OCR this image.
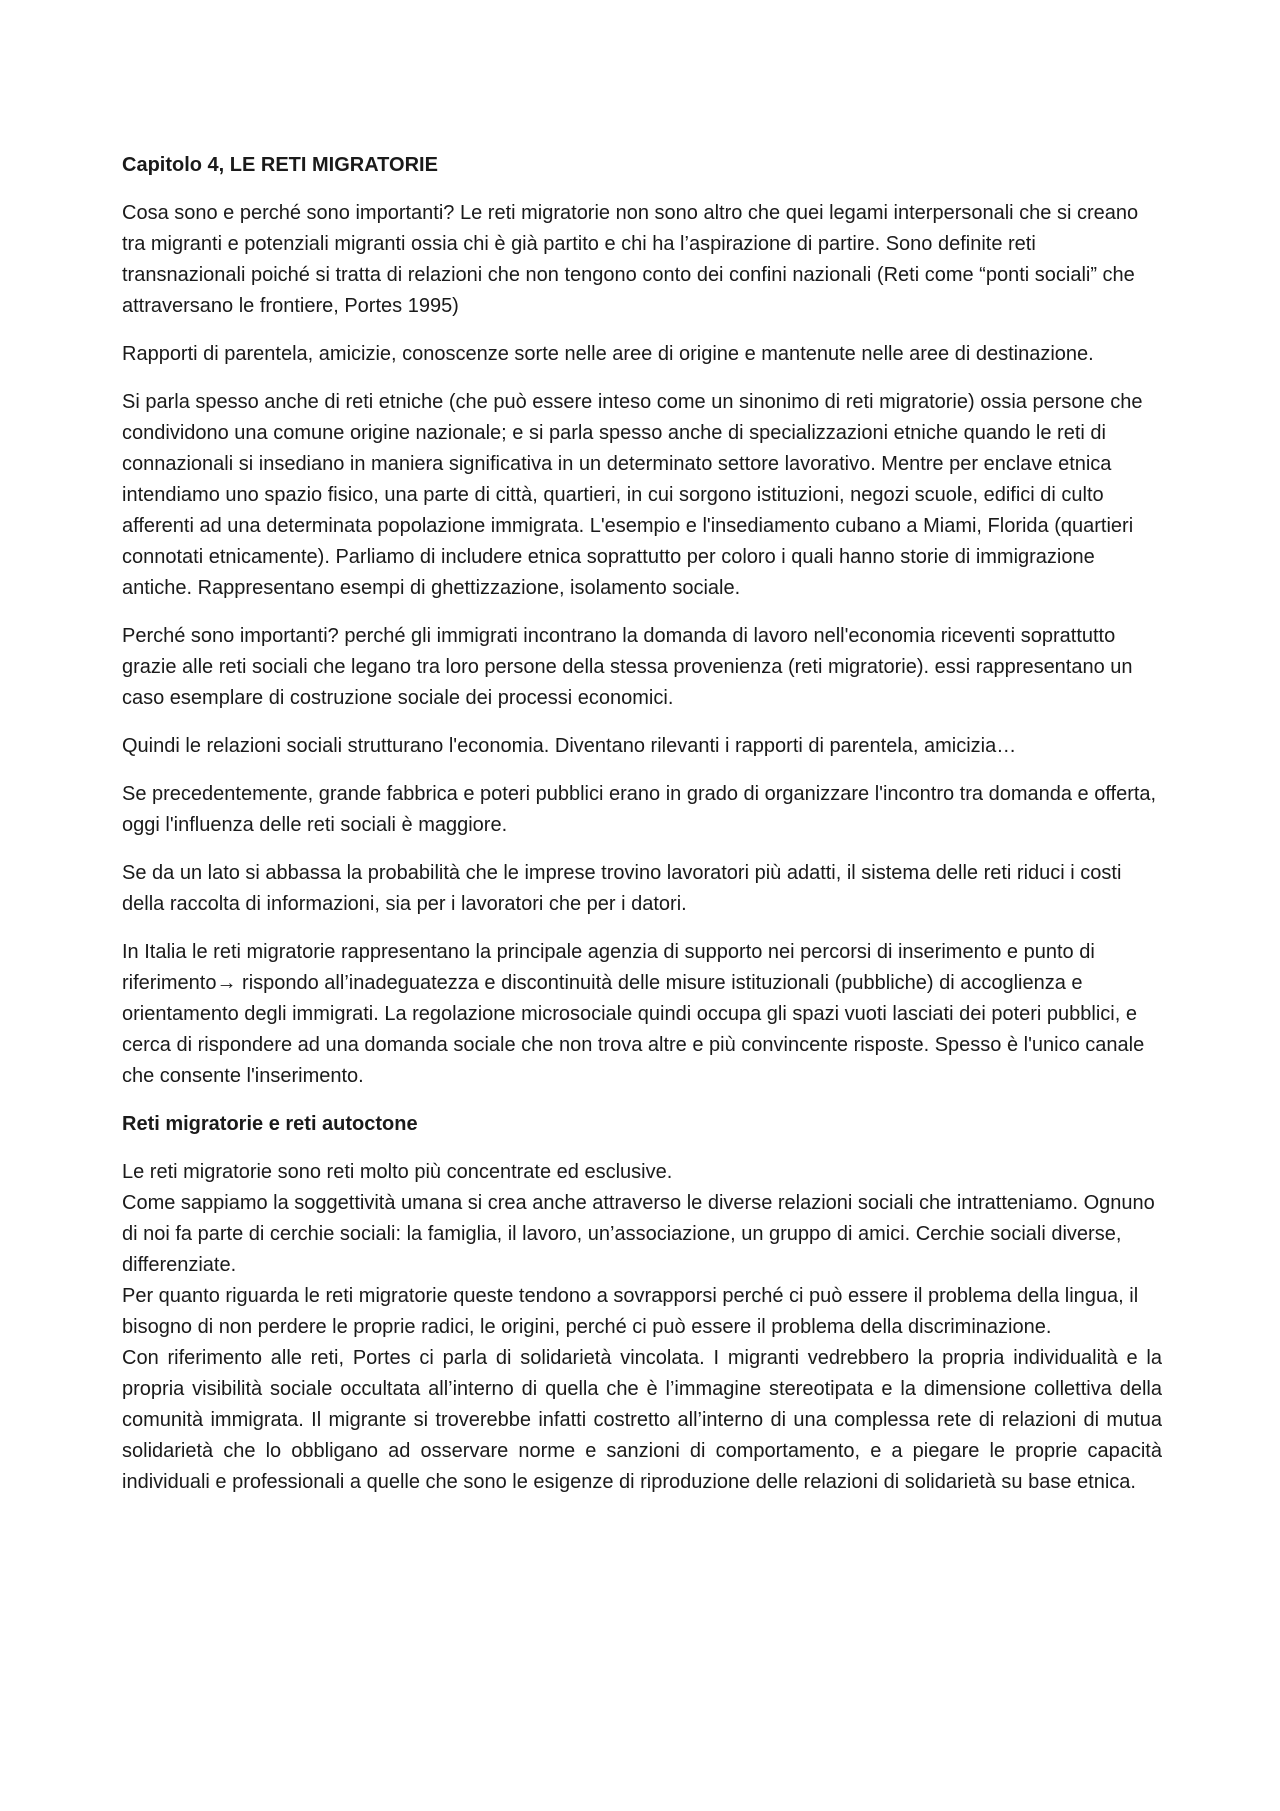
Capitolo 4, LE RETI MIGRATORIE

Cosa sono e perché sono importanti? Le reti migratorie non sono altro che quei legami interpersonali che si creano tra migranti e potenziali migranti ossia chi è già partito e chi ha l’aspirazione di partire. Sono definite reti transnazionali poiché si tratta di relazioni che non tengono conto dei confini nazionali (Reti come “ponti sociali” che attraversano le frontiere, Portes 1995)

Rapporti di parentela, amicizie, conoscenze sorte nelle aree di origine e mantenute nelle aree di destinazione.

Si parla spesso anche di reti etniche (che può essere inteso come un sinonimo di reti migratorie) ossia persone che condividono una comune origine nazionale; e si parla spesso anche di specializzazioni etniche quando le reti di connazionali si insediano in maniera significativa in un determinato settore lavorativo. Mentre per enclave etnica intendiamo uno spazio fisico, una parte di città, quartieri, in cui sorgono istituzioni, negozi scuole, edifici di culto afferenti ad una determinata popolazione immigrata. L'esempio e l'insediamento cubano a Miami, Florida (quartieri connotati etnicamente). Parliamo di includere etnica soprattutto per coloro i quali hanno storie di immigrazione antiche. Rappresentano esempi di ghettizzazione, isolamento sociale.

Perché sono importanti? perché gli immigrati incontrano la domanda di lavoro nell'economia riceventi soprattutto grazie alle reti sociali che legano tra loro persone della stessa provenienza (reti migratorie). essi rappresentano un caso esemplare di costruzione sociale dei processi economici.

Quindi le relazioni sociali strutturano l'economia. Diventano rilevanti i rapporti di parentela, amicizia…

Se precedentemente, grande fabbrica e poteri pubblici erano in grado di organizzare l'incontro tra domanda e offerta, oggi l'influenza delle reti sociali è maggiore.

Se da un lato si abbassa la probabilità che le imprese trovino lavoratori più adatti, il sistema delle reti riduci i costi della raccolta di informazioni, sia per i lavoratori che per i datori.

In Italia le reti migratorie rappresentano la principale agenzia di supporto nei percorsi di inserimento e punto di riferimento→ rispondo all’inadeguatezza e discontinuità delle misure istituzionali (pubbliche) di accoglienza e orientamento degli immigrati. La regolazione microsociale quindi occupa gli spazi vuoti lasciati dei poteri pubblici, e cerca di rispondere ad una domanda sociale che non trova altre e più convincente risposte. Spesso è l'unico canale che consente l'inserimento.

Reti migratorie e reti autoctone

Le reti migratorie sono reti molto più concentrate ed esclusive.

Come sappiamo la soggettività umana si crea anche attraverso le diverse relazioni sociali che intratteniamo. Ognuno di noi fa parte di cerchie sociali: la famiglia, il lavoro, un’associazione, un gruppo di amici. Cerchie sociali diverse, differenziate.

Per quanto riguarda le reti migratorie queste tendono a sovrapporsi perché ci può essere il problema della lingua, il bisogno di non perdere le proprie radici, le origini, perché ci può essere il problema della discriminazione.

Con riferimento alle reti, Portes ci parla di solidarietà vincolata. I migranti vedrebbero la propria individualità e la propria visibilità sociale occultata all’interno di quella che è l’immagine stereotipata e la dimensione collettiva della comunità immigrata. Il migrante si troverebbe infatti costretto all’interno di una complessa rete di relazioni di mutua solidarietà che lo obbligano ad osservare norme e sanzioni di comportamento, e a piegare le proprie capacità individuali e professionali a quelle che sono le esigenze di riproduzione delle relazioni di solidarietà su base etnica.
